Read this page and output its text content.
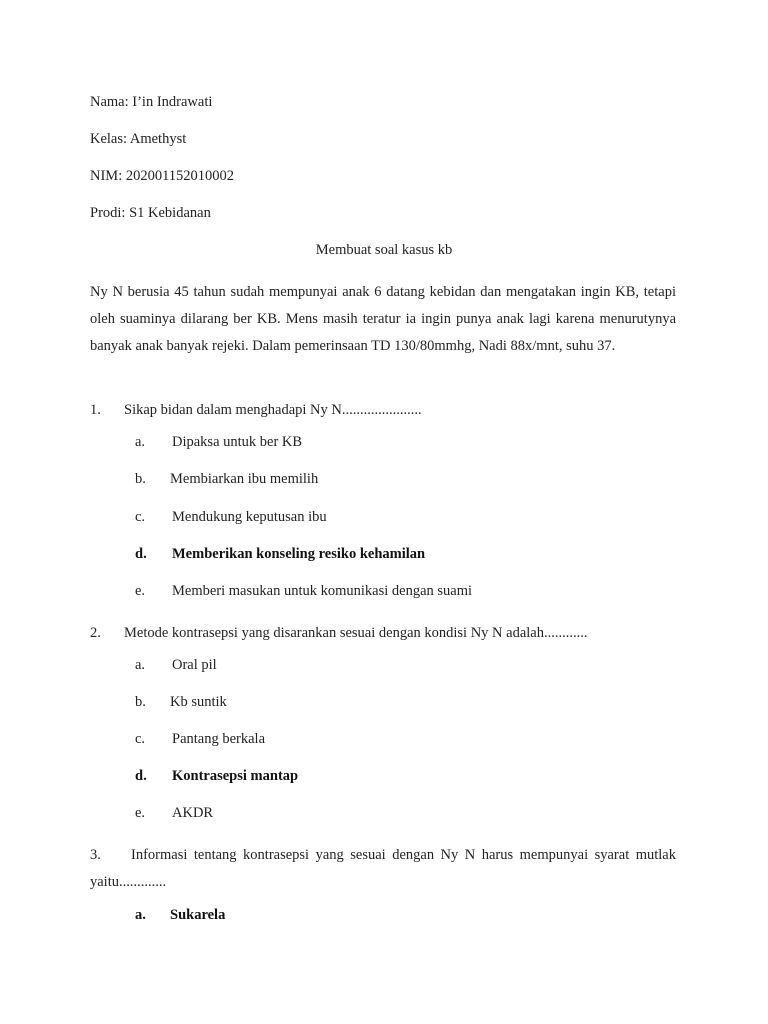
Nama: I’in Indrawati
Kelas: Amethyst
NIM: 202001152010002
Prodi: S1 Kebidanan
Membuat soal kasus kb
Ny N berusia 45 tahun sudah mempunyai anak 6 datang kebidan dan mengatakan ingin KB, tetapi oleh suaminya dilarang ber KB. Mens masih teratur ia ingin punya anak lagi karena menurutynya banyak anak banyak rejeki. Dalam pemerinsaan TD 130/80mmhg, Nadi 88x/mnt, suhu 37.
1. Sikap bidan dalam menghadapi Ny N......................
a. Dipaksa untuk ber KB
b. Membiarkan ibu memilih
c. Mendukung keputusan ibu
d. Memberikan konseling resiko kehamilan
e. Memberi masukan untuk komunikasi dengan suami
2. Metode kontrasepsi yang disarankan sesuai dengan kondisi Ny N adalah............
a. Oral pil
b. Kb suntik
c. Pantang berkala
d. Kontrasepsi mantap
e. AKDR
3. Informasi tentang kontrasepsi yang sesuai dengan Ny N harus mempunyai syarat mutlak yaitu.............
a. Sukarela
